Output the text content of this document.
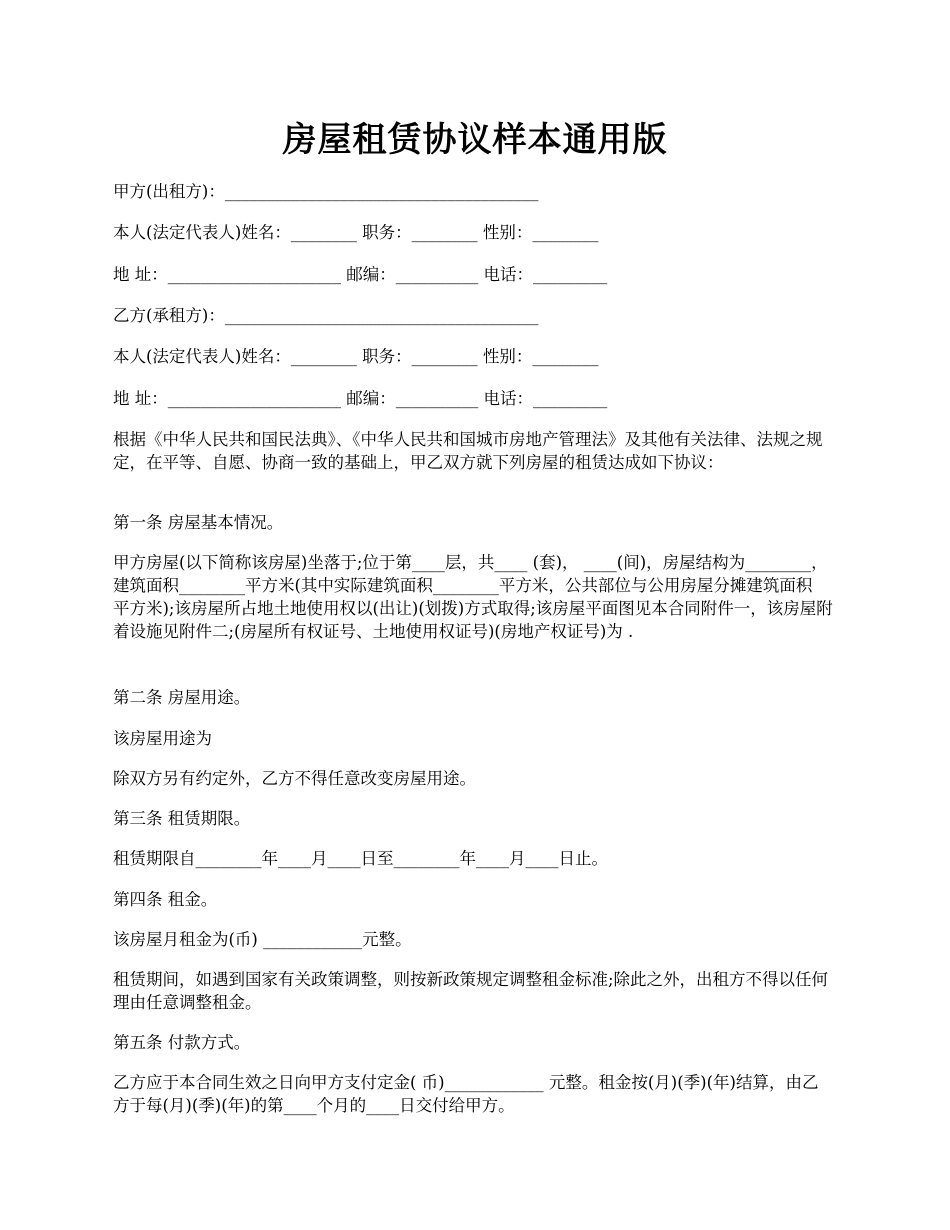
房屋租赁协议样本通用版

甲方(出租方)：______________________________________

本人(法定代表人)姓名：________ 职务：________ 性别：________

地 址：_____________________ 邮编：__________ 电话：_________

乙方(承租方)：______________________________________

本人(法定代表人)姓名：________ 职务：________ 性别：________

地 址：_____________________ 邮编：__________ 电话：_________

根据《中华人民共和国民法典》、《中华人民共和国城市房地产管理法》及其他有关法律、法规之规定，在平等、自愿、协商一致的基础上，甲乙双方就下列房屋的租赁达成如下协议：

第一条 房屋基本情况。

甲方房屋(以下简称该房屋)坐落于;位于第____层，共____ (套)， ____(间)，房屋结构为________，建筑面积________平方米(其中实际建筑面积________平方米，公共部位与公用房屋分摊建筑面积 平方米);该房屋所占地土地使用权以(出让)(划拨)方式取得;该房屋平面图见本合同附件一，该房屋附着设施见附件二;(房屋所有权证号、土地使用权证号)(房地产权证号)为 .

第二条 房屋用途。

该房屋用途为

除双方另有约定外，乙方不得任意改变房屋用途。

第三条 租赁期限。

租赁期限自________年____月____日至________年____月____日止。

第四条 租金。

该房屋月租金为(币) ____________元整。

租赁期间，如遇到国家有关政策调整，则按新政策规定调整租金标准;除此之外，出租方不得以任何理由任意调整租金。

第五条 付款方式。

乙方应于本合同生效之日向甲方支付定金( 币)____________ 元整。租金按(月)(季)(年)结算，由乙方于每(月)(季)(年)的第____个月的____日交付给甲方。
